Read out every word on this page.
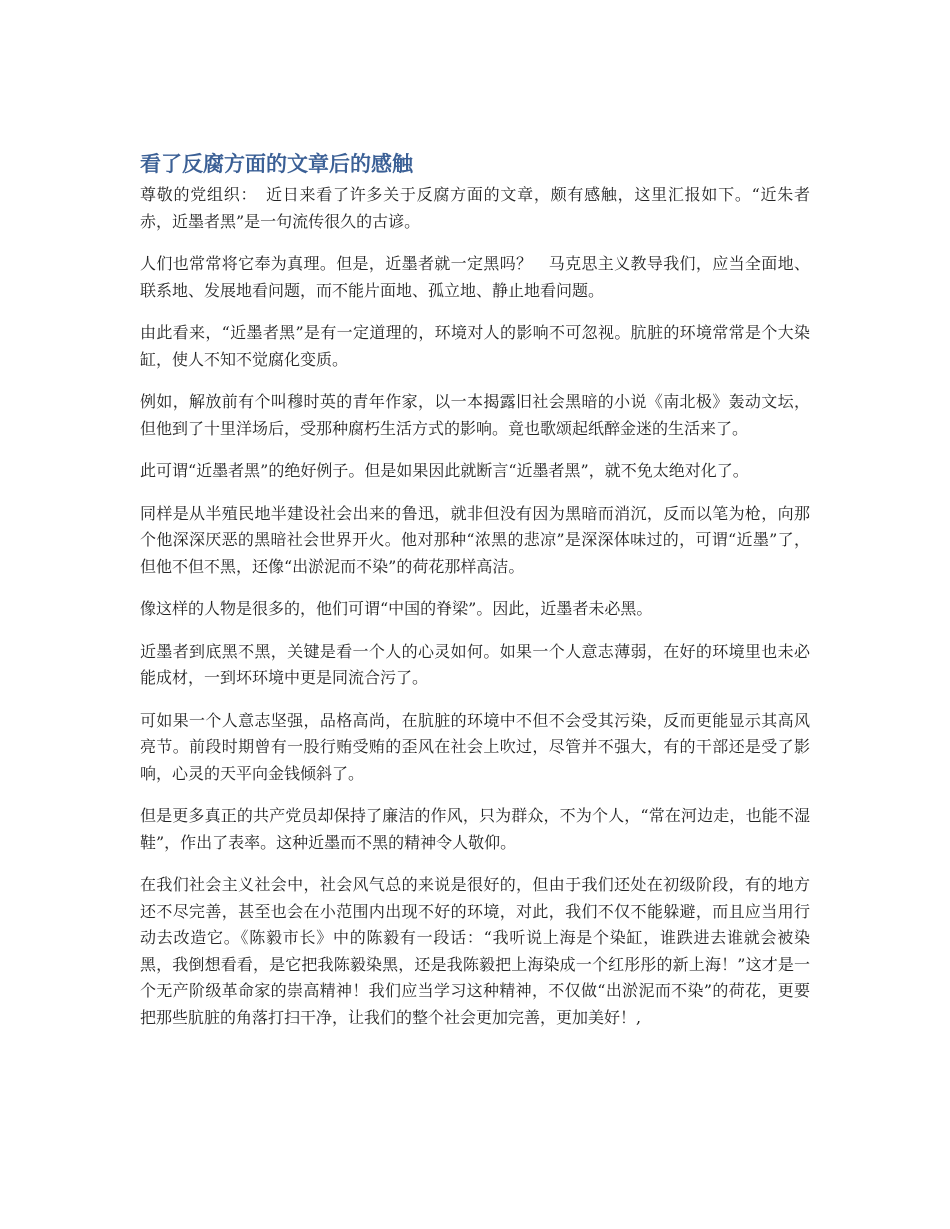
看了反腐方面的文章后的感触

尊敬的党组织：　近日来看了许多关于反腐方面的文章，颇有感触，这里汇报如下。“近朱者赤，近墨者黑”是一句流传很久的古谚。

人们也常常将它奉为真理。但是，近墨者就一定黑吗？　马克思主义教导我们，应当全面地、联系地、发展地看问题，而不能片面地、孤立地、静止地看问题。

由此看来，“近墨者黑”是有一定道理的，环境对人的影响不可忽视。肮脏的环境常常是个大染缸，使人不知不觉腐化变质。

例如，解放前有个叫穆时英的青年作家，以一本揭露旧社会黑暗的小说《南北极》轰动文坛，但他到了十里洋场后，受那种腐朽生活方式的影响。竟也歌颂起纸醉金迷的生活来了。

此可谓“近墨者黑”的绝好例子。但是如果因此就断言“近墨者黑”，就不免太绝对化了。

同样是从半殖民地半建设社会出来的鲁迅，就非但没有因为黑暗而消沉，反而以笔为枪，向那个他深深厌恶的黑暗社会世界开火。他对那种“浓黑的悲凉”是深深体味过的，可谓“近墨”了，但他不但不黑，还像“出淤泥而不染”的荷花那样高洁。

像这样的人物是很多的，他们可谓“中国的脊梁”。因此，近墨者未必黑。

近墨者到底黑不黑，关键是看一个人的心灵如何。如果一个人意志薄弱，在好的环境里也未必能成材，一到坏环境中更是同流合污了。

可如果一个人意志坚强，品格高尚，在肮脏的环境中不但不会受其污染，反而更能显示其高风亮节。前段时期曾有一股行贿受贿的歪风在社会上吹过，尽管并不强大，有的干部还是受了影响，心灵的天平向金钱倾斜了。

但是更多真正的共产党员却保持了廉洁的作风，只为群众，不为个人，“常在河边走，也能不湿鞋”，作出了表率。这种近墨而不黑的精神令人敬仰。

在我们社会主义社会中，社会风气总的来说是很好的，但由于我们还处在初级阶段，有的地方还不尽完善，甚至也会在小范围内出现不好的环境，对此，我们不仅不能躲避，而且应当用行动去改造它。《陈毅市长》中的陈毅有一段话：“我听说上海是个染缸，谁跌进去谁就会被染黑，我倒想看看，是它把我陈毅染黑，还是我陈毅把上海染成一个红彤彤的新上海！”这才是一个无产阶级革命家的崇高精神！我们应当学习这种精神，不仅做“出淤泥而不染”的荷花，更要把那些肮脏的角落打扫干净，让我们的整个社会更加完善，更加美好！,
